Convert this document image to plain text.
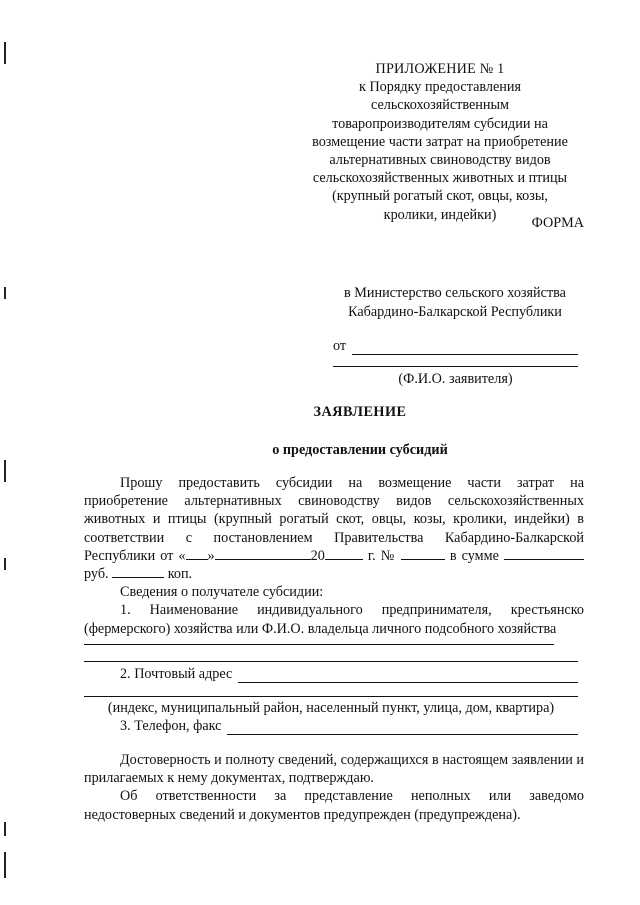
ПРИЛОЖЕНИЕ № 1
к Порядку предоставления
сельскохозяйственным
товаропроизводителям субсидии на
возмещение части затрат на приобретение
альтернативных свиноводству видов
сельскохозяйственных животных и птицы
(крупный рогатый скот, овцы, козы,
кролики, индейки)
ФОРМА
в Министерство сельского хозяйства
Кабардино-Балкарской Республики
от
(Ф.И.О. заявителя)
ЗАЯВЛЕНИЕ
о предоставлении субсидий

Прошу предоставить субсидии на возмещение части затрат на приобретение альтернативных свиноводству видов сельскохозяйственных животных и птицы (крупный рогатый скот, овцы, козы, кролики, индейки) в соответствии с постановлением Правительства Кабардино-Балкарской Республики от « »	20	г. №	в сумме  руб.	коп.

Сведения о получателе субсидии:

1. Наименование индивидуального предпринимателя, крестьянско (фермерского) хозяйства или Ф.И.О. владельца личного подсобного хозяйства

2. Почтовый адрес
(индекс, муниципальный район, населенный пункт, улица, дом, квартира)
3. Телефон, факс

Достоверность и полноту сведений, содержащихся в настоящем заявлении и прилагаемых к нему документах, подтверждаю.

Об ответственности за представление неполных или заведомо недостоверных сведений и документов предупрежден (предупреждена).
